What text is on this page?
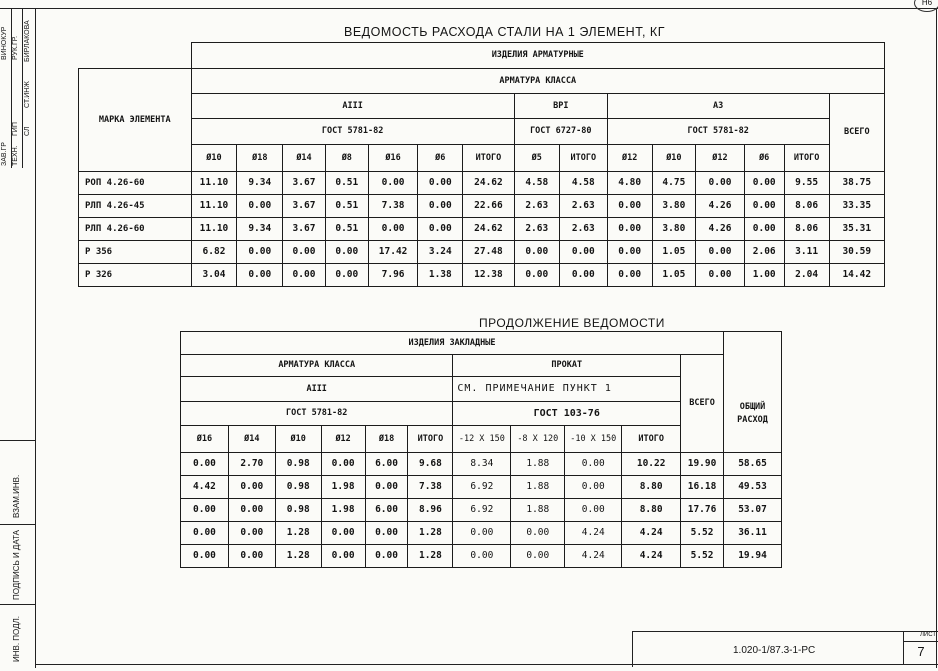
Н6
ВИНОКУР
ЗАВ.ГР
РУК.ГР.
ТЕХН.
БИРЛАКОВА
СТ.ИНЖ
ГИП СЛ
ВЗАМ.ИНВ.
ПОДПИСЬ И ДАТА
ИНВ. ПОДЛ.
ВЕДОМОСТЬ РАСХОДА СТАЛИ НА 1 ЭЛЕМЕНТ, КГ
	ИЗДЕЛИЯ АРМАТУРНЫЕ														
МАРКА ЭЛЕМЕНТА	АРМАТУРА КЛАССА														
	АIII							ВРI		А3					ВСЕГО
	ГОСТ 5781-82							ГОСТ 6727-80		ГОСТ 5781-82					
	Ø10	Ø18	Ø14	Ø8	Ø16	Ø6	ИТОГО	Ø5	ИТОГО	Ø12	Ø10	Ø12	Ø6	ИТОГО	
РОП 4.26-60	11.10	9.34	3.67	0.51	0.00	0.00	24.62	4.58	4.58	4.80	4.75	0.00	0.00	9.55	38.75
РЛП 4.26-45	11.10	0.00	3.67	0.51	7.38	0.00	22.66	2.63	2.63	0.00	3.80	4.26	0.00	8.06	33.35
РЛП 4.26-60	11.10	9.34	3.67	0.51	0.00	0.00	24.62	2.63	2.63	0.00	3.80	4.26	0.00	8.06	35.31
Р 356	6.82	0.00	0.00	0.00	17.42	3.24	27.48	0.00	0.00	0.00	1.05	0.00	2.06	3.11	30.59
Р 326	3.04	0.00	0.00	0.00	7.96	1.38	12.38	0.00	0.00	0.00	1.05	0.00	1.00	2.04	14.42
ПРОДОЛЖЕНИЕ ВЕДОМОСТИ
ИЗДЕЛИЯ ЗАКЛАДНЫЕ											ОБЩИЙ РАСХОД
АРМАТУРА КЛАССА						ПРОКАТ				ВСЕГО	
АIII						СМ. ПРИМЕЧАНИЕ ПУНКТ 1					
ГОСТ 5781-82						ГОСТ 103-76					
Ø16	Ø14	Ø10	Ø12	Ø18	ИТОГО	-12 X 150	-8 X 120	-10 X 150	ИТОГО		
0.00	2.70	0.98	0.00	6.00	9.68	8.34	1.88	0.00	10.22	19.90	58.65
4.42	0.00	0.98	1.98	0.00	7.38	6.92	1.88	0.00	8.80	16.18	49.53
0.00	0.00	0.98	1.98	6.00	8.96	6.92	1.88	0.00	8.80	17.76	53.07
0.00	0.00	1.28	0.00	0.00	1.28	0.00	0.00	4.24	4.24	5.52	36.11
0.00	0.00	1.28	0.00	0.00	1.28	0.00	0.00	4.24	4.24	5.52	19.94
1.020-1/87.3-1-PC
ЛИСТ
7
